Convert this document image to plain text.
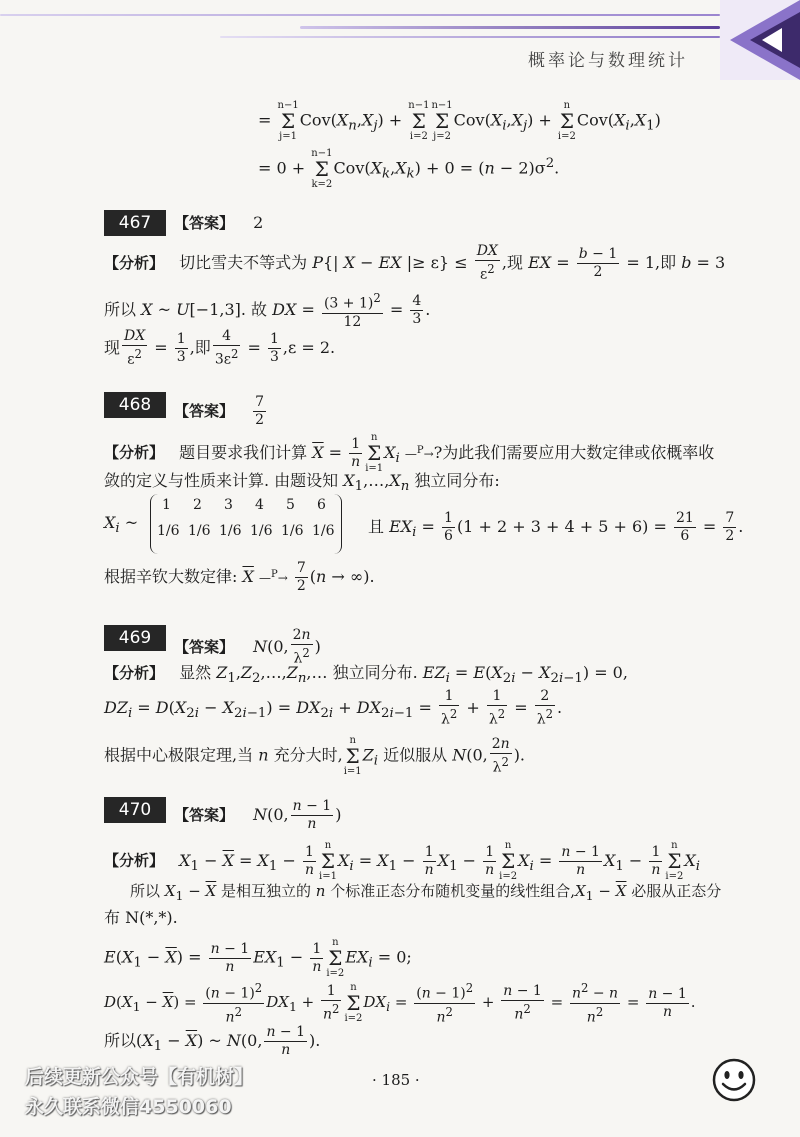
概率论与数理统计
= n−1
Σ
$j=1Cov(X_n,X_j) + n-1$
Σ
i=2n−1
Σ
$j=2Cov(X_i,X_j) + n$
Σ
$i=2Cov(X_i,X_1)$
= 0 + n−1
Σ
$k=2Cov(X_k,X_k) + 0 = (n - 2)\sigma^2$.
467	【答案】 2
【分析】 切比雪夫不等式为 P{| X − EX |≥ $\varepsilon\} \le \frac{DX}{\varepsilon^2}$ ,现 EX = $\frac{b - 1}{2} = 1$,即 b = 3
所以 X ~ U[−1,3]. 故 DX = $\frac{(3 + 1)^2}{12} = \frac{4}{3}$ .
现 $\frac{DX}{\varepsilon^2} = \frac{1}{3}$ ,即 $\frac{4}{3\varepsilon^2} = \frac{1}{3} ,\varepsilon = 2$.
468	【答案】 $\frac{7}{2}$
【分析】 题目要求我们计算 $\overline{X} = \frac{1}{n}$ n
Σ
$i=1X_i$ —$^P$→?为此我们需要应用大数定律或依概率收
敛的定义与性质来计算. 由题设知 $X_1,\dots,X_n$ 独立同分布:
$X_i$ ~
1	2	3	4	5	6
1/6 1/6 1/6 1/6 1/6 1/6 且 $EX_i = \frac{1}{6} (1 + 2 + 3 + 4 + 5 + 6) = \frac{21}{6} = \frac{7}{2}$ .
根据辛钦大数定律: $\overline{X}$ —$^P$→ $\frac{7}{2} (n$ → ∞).
469	【答案】 N(0, $\frac{2n}{\lambda^2}$ )
【分析】 显然 $Z_1,Z_2,\dots,Z_n,\dots$ 独立同分布. $EZ_i = E(X_{2i} - X_{2i-1}) = 0$,
$DZ_i = D(X_{2i} - X_{2i-1}) = DX_{2i} + DX_{2i-1} = \frac{1}{\lambda^2} + \frac{1}{\lambda^2} = \frac{2}{\lambda^2}$ .
根据中心极限定理,当 n 充分大时,n
Σ
$i=1Z_i$ 近似服从 N(0, $\frac{2n}{\lambda^2}$ ).
470	【答案】 N(0, $\frac{n - 1}{n}$ )
【分析】 $X_1 - \overline{X} = X_1 - \frac{1}{n}$ n
Σ
$i=1X_i = X_1 - \frac{1}{n} X_1 - \frac{1}{n}$ n
Σ
$i=2X_i = \frac{n - 1}{n} X_1 - \frac{1}{n}$ n
Σ
$i=2X_i$
所以 $X_1 - \overline{X}$ 是相互独立的 n 个标准正态分布随机变量的线性组合$,X_1 - \overline{X}$ 必服从正态分
布 N(*,*).
$E(X_1 - \overline{X}) = \frac{n - 1}{n} EX_1 - \frac{1}{n}$ n
Σ
$i=2EX_i = 0$;
$D(X_1 - \overline{X}) = \frac{(n - 1)^2}{n^2} DX_1 + \frac{1}{n^2}$ n
Σ
$i=2DX_i = \frac{(n - 1)^2}{n^2} + \frac{n - 1}{n^2} = \frac{n^2 - n}{n^2} = \frac{n - 1}{n}$ .
所以$(X_1 - \overline{X})$ ~ N(0, $\frac{n - 1}{n}$ ).
· 185 ·
后续更新公众号【有机树】
永久联系微信4550060
